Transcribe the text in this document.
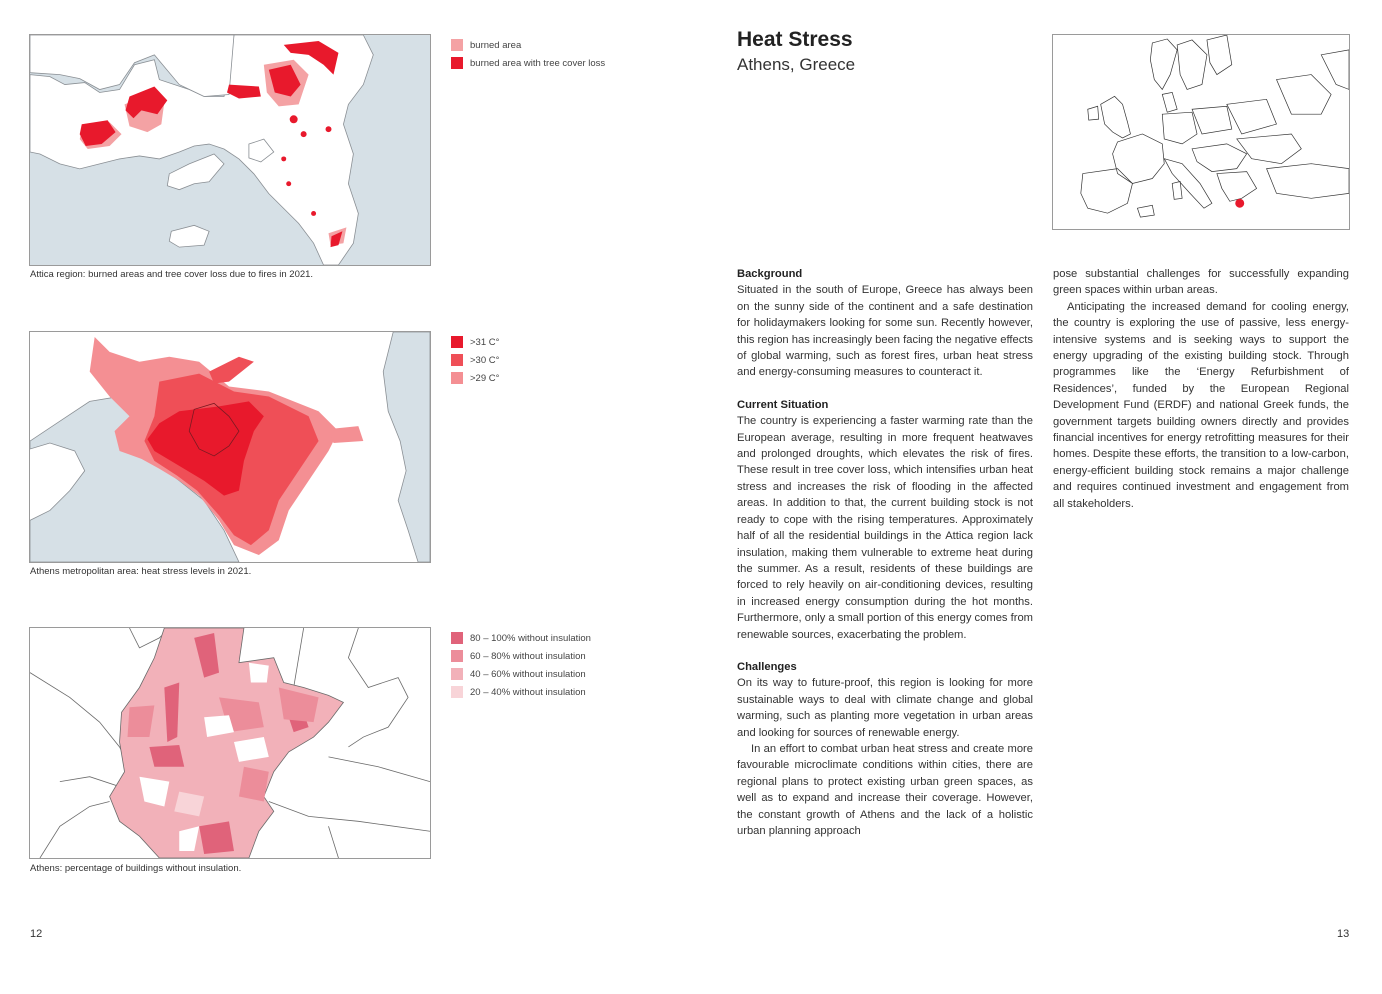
burned area
burned area with tree cover loss
Attica region: burned areas and tree cover loss due to fires in 2021.
>31 C°
>30 C°
>29 C°
Athens metropolitan area: heat stress levels in 2021.
80 – 100% without insulation
60 – 80% without insulation
40 – 60% without insulation
20 – 40% without insulation
Athens: percentage of buildings without insulation.
12
Heat Stress
Athens, Greece
Background

Situated in the south of Europe, Greece has always been on the sunny side of the continent and a safe destination for holidaymakers looking for some sun. Recently however, this region has increasingly been facing the negative effects of global warming, such as forest fires, urban heat stress and energy-consuming measures to counteract it.

Current Situation

The country is experiencing a faster warming rate than the European average, resulting in more frequent heatwaves and prolonged droughts, which elevates the risk of fires. These result in tree cover loss, which intensifies urban heat stress and increases the risk of flooding in the affected areas. In addition to that, the current building stock is not ready to cope with the rising temperatures. Approximately half of all the residential buildings in the Attica region lack insulation, making them vulnerable to extreme heat during the summer. As a result, residents of these buildings are forced to rely heavily on air-conditioning devices, resulting in increased energy consumption during the hot months. Furthermore, only a small portion of this energy comes from renewable sources, exacerbating the problem.

Challenges

On its way to future-proof, this region is looking for more sustainable ways to deal with climate change and global warming, such as planting more vegetation in urban areas and looking for sources of renewable energy.

In an effort to combat urban heat stress and create more favourable microclimate conditions within cities, there are regional plans to protect existing urban green spaces, as well as to expand and increase their coverage. However, the constant growth of Athens and the lack of a holistic urban planning approach

pose substantial challenges for successfully expanding green spaces within urban areas.

Anticipating the increased demand for cooling energy, the country is exploring the use of passive, less energy-intensive systems and is seeking ways to support the energy upgrading of the existing building stock. Through programmes like the ‘Energy Refurbishment of Residences’, funded by the European Regional Development Fund (ERDF) and national Greek funds, the government targets building owners directly and provides financial incentives for energy retrofitting measures for their homes. Despite these efforts, the transition to a low-carbon, energy-efficient building stock remains a major challenge and requires continued investment and engagement from all stakeholders.

13
